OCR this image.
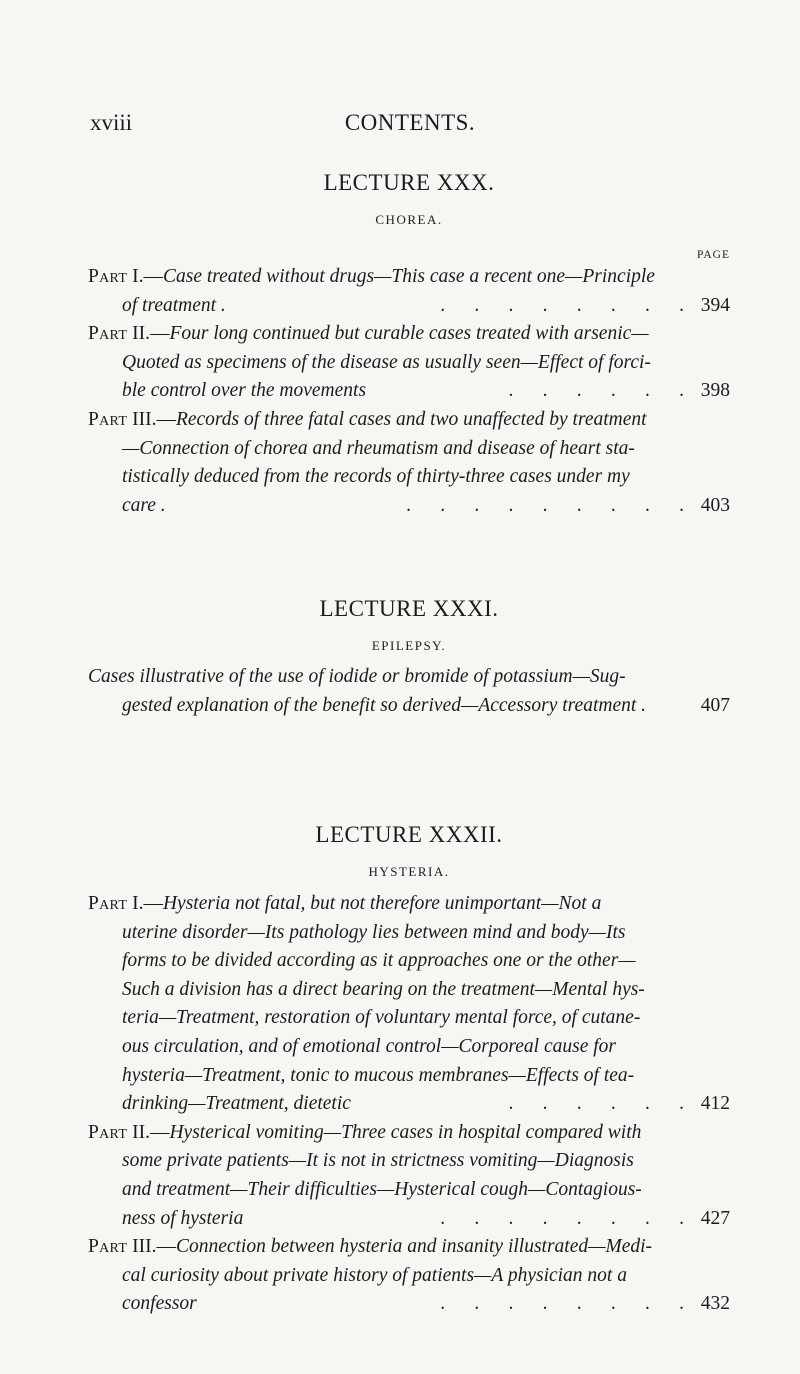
xviii	CONTENTS.
PAGE
LECTURE XXX.
CHOREA.
Part I.—Case treated without drugs—This case a recent one—Principle
of treatment .	.  .  .  .  .  .  .  . 394
Part II.—Four long continued but curable cases treated with arsenic—
Quoted as specimens of the disease as usually seen—Effect of forci-
ble control over the movements	.  .  .  .  .  . 398
Part III.—Records of three fatal cases and two unaffected by treatment
—Connection of chorea and rheumatism and disease of heart sta-
tistically deduced from the records of thirty-three cases under my
care .	.  .  .  .  .  .  .  .  . 403
LECTURE XXXI.
EPILEPSY.
Cases illustrative of the use of iodide or bromide of potassium—Sug-
gested explanation of the benefit so derived—Accessory treatment .	407
LECTURE XXXII.
HYSTERIA.
Part I.—Hysteria not fatal, but not therefore unimportant—Not a
uterine disorder—Its pathology lies between mind and body—Its
forms to be divided according as it approaches one or the other—
Such a division has a direct bearing on the treatment—Mental hys-
teria—Treatment, restoration of voluntary mental force, of cutane-
ous circulation, and of emotional control—Corporeal cause for
hysteria—Treatment, tonic to mucous membranes—Effects of tea-
drinking—Treatment, dietetic	.  .  .  .  .  . 412
Part II.—Hysterical vomiting—Three cases in hospital compared with
some private patients—It is not in strictness vomiting—Diagnosis
and treatment—Their difficulties—Hysterical cough—Contagious-
ness of hysteria	.  .  .  .  .  .  .  . 427
Part III.—Connection between hysteria and insanity illustrated—Medi-
cal curiosity about private history of patients—A physician not a
confessor	.  .  .  .  .  .  .  . 432
